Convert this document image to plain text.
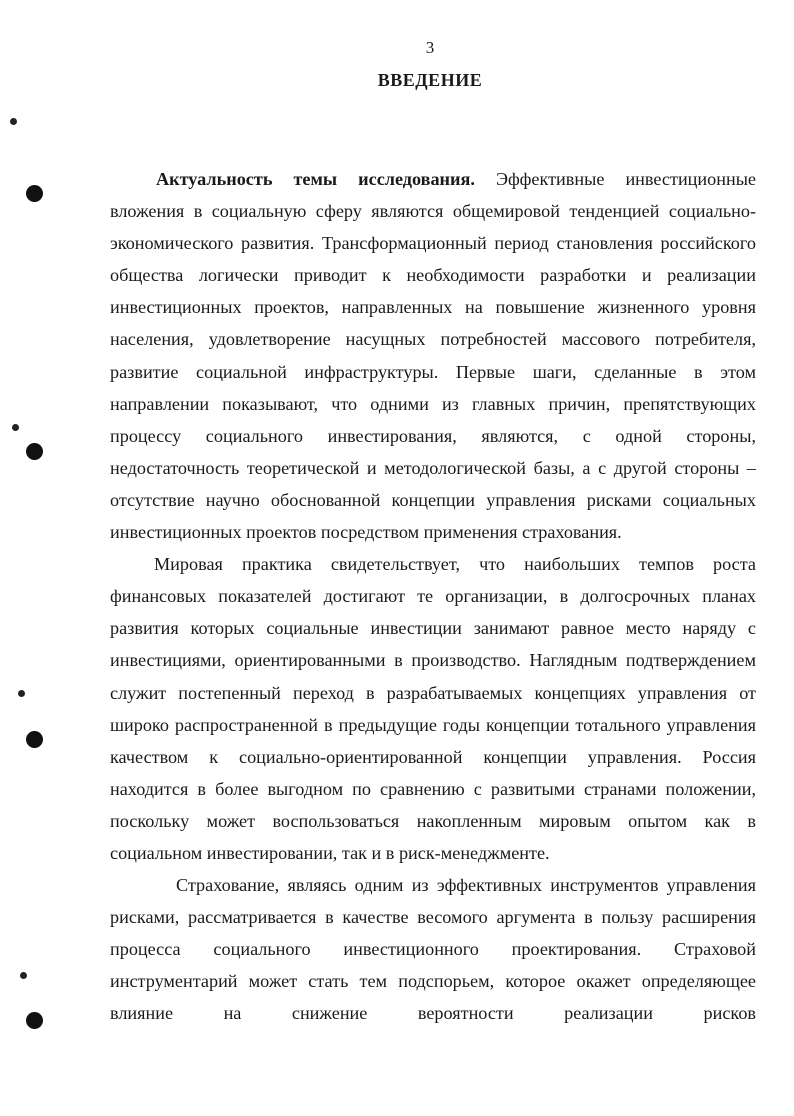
3
ВВЕДЕНИЕ

Актуальность темы исследования. Эффективные инвестиционные вложения в социальную сферу являются общемировой тенденцией социально-экономического развития. Трансформационный период становления российского общества логически приводит к необходимости разработки и реализации инвестиционных проектов, направленных на повышение жизненного уровня населения, удовлетворение насущных потребностей массового потребителя, развитие социальной инфраструктуры. Первые шаги, сделанные в этом направлении показывают, что одними из главных причин, препятствующих процессу социального инвестирования, являются, с одной стороны, недостаточность теоретической и методологической базы, а с другой стороны – отсутствие научно обоснованной концепции управления рисками социальных инвестиционных проектов посредством применения страхования.

Мировая практика свидетельствует, что наибольших темпов роста финансовых показателей достигают те организации, в долгосрочных планах развития которых социальные инвестиции занимают равное место наряду с инвестициями, ориентированными в производство. Наглядным подтверждением служит постепенный переход в разрабатываемых концепциях управления от широко распространенной в предыдущие годы концепции тотального управления качеством к социально-ориентированной концепции управления. Россия находится в более выгодном по сравнению с развитыми странами положении, поскольку может воспользоваться накопленным мировым опытом как в социальном инвестировании, так и в риск-менеджменте.

Страхование, являясь одним из эффективных инструментов управления рисками, рассматривается в качестве весомого аргумента в пользу расширения процесса социального инвестиционного проектирования. Страховой инструментарий может стать тем подспорьем, которое окажет определяющее влияние на снижение вероятности реализации рисков
